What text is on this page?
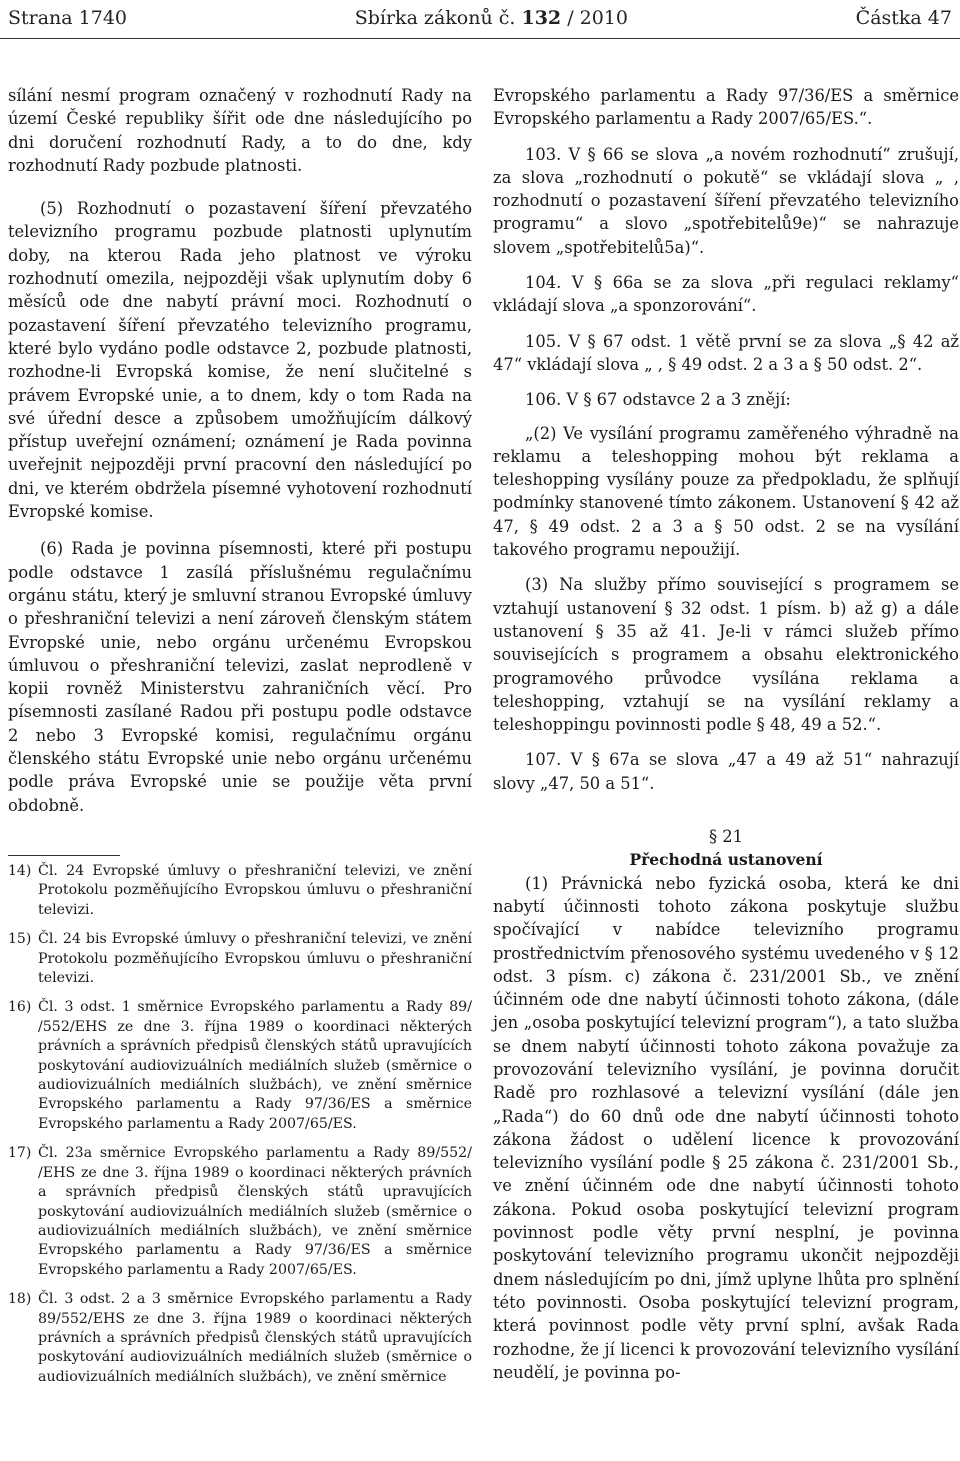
Strana 1740	Sbírka zákonů č. 132 / 2010	Částka 47

sílání nesmí program označený v rozhodnutí Rady na území České republiky šířit ode dne následujícího po dni doručení rozhodnutí Rady, a to do dne, kdy rozhodnutí Rady pozbude platnosti.

(5) Rozhodnutí o pozastavení šíření převzatého televizního programu pozbude platnosti uplynutím doby, na kterou Rada jeho platnost ve výroku rozhodnutí omezila, nejpozději však uplynutím doby 6 měsíců ode dne nabytí právní moci. Rozhodnutí o pozastavení šíření převzatého televizního programu, které bylo vydáno podle odstavce 2, pozbude platnosti, rozhodne-li Evropská komise, že není slučitelné s právem Evropské unie, a to dnem, kdy o tom Rada na své úřední desce a způsobem umožňujícím dálkový přístup uveřejní oznámení; oznámení je Rada povinna uveřejnit nejpozději první pracovní den následující po dni, ve kterém obdržela písemné vyhotovení rozhodnutí Evropské komise.

(6) Rada je povinna písemnosti, které při postupu podle odstavce 1 zasílá příslušnému regulačnímu orgánu státu, který je smluvní stranou Evropské úmluvy o přeshraniční televizi a není zároveň členským státem Evropské unie, nebo orgánu určenému Evropskou úmluvou o přeshraniční televizi, zaslat neprodleně v kopii rovněž Ministerstvu zahraničních věcí. Pro písemnosti zasílané Radou při postupu podle odstavce 2 nebo 3 Evropské komisi, regulačnímu orgánu členského státu Evropské unie nebo orgánu určenému podle práva Evropské unie se použije věta první obdobně.

14) Čl. 24 Evropské úmluvy o přeshraniční televizi, ve znění Protokolu pozměňujícího Evropskou úmluvu o přeshraniční televizi.
15) Čl. 24 bis Evropské úmluvy o přeshraniční televizi, ve znění Protokolu pozměňujícího Evropskou úmluvu o přeshraniční televizi.
16) Čl. 3 odst. 1 směrnice Evropského parlamentu a Rady 89/ /552/EHS ze dne 3. října 1989 o koordinaci některých právních a správních předpisů členských států upravujících poskytování audiovizuálních mediálních služeb (směrnice o audiovizuálních mediálních službách), ve znění směrnice Evropského parlamentu a Rady 97/36/ES a směrnice Evropského parlamentu a Rady 2007/65/ES.
17) Čl. 23a směrnice Evropského parlamentu a Rady 89/552/ /EHS ze dne 3. října 1989 o koordinaci některých právních a správních předpisů členských států upravujících poskytování audiovizuálních mediálních služeb (směrnice o audiovizuálních mediálních službách), ve znění směrnice Evropského parlamentu a Rady 97/36/ES a směrnice Evropského parlamentu a Rady 2007/65/ES.
18) Čl. 3 odst. 2 a 3 směrnice Evropského parlamentu a Rady 89/552/EHS ze dne 3. října 1989 o koordinaci některých právních a správních předpisů členských států upravujících poskytování audiovizuálních mediálních služeb (směrnice o audiovizuálních mediálních službách), ve znění směrnice

Evropského parlamentu a Rady 97/36/ES a směrnice Evropského parlamentu a Rady 2007/65/ES.“.

103. V § 66 se slova „a novém rozhodnutí“ zrušují, za slova „rozhodnutí o pokutě“ se vkládají slova „ , rozhodnutí o pozastavení šíření převzatého televizního programu“ a slovo „spotřebitelů9e)“ se nahrazuje slovem „spotřebitelů5a)“.

104. V § 66a se za slova „při regulaci reklamy“ vkládají slova „a sponzorování“.

105. V § 67 odst. 1 větě první se za slova „§ 42 až 47“ vkládají slova „ , § 49 odst. 2 a 3 a § 50 odst. 2“.

106. V § 67 odstavce 2 a 3 znějí:

„(2) Ve vysílání programu zaměřeného výhradně na reklamu a teleshopping mohou být reklama a teleshopping vysílány pouze za předpokladu, že splňují podmínky stanovené tímto zákonem. Ustanovení § 42 až 47, § 49 odst. 2 a 3 a § 50 odst. 2 se na vysílání takového programu nepoužijí.

(3) Na služby přímo související s programem se vztahují ustanovení § 32 odst. 1 písm. b) až g) a dále ustanovení § 35 až 41. Je-li v rámci služeb přímo souvisejících s programem a obsahu elektronického programového průvodce vysílána reklama a teleshopping, vztahují se na vysílání reklamy a teleshoppingu povinnosti podle § 48, 49 a 52.“.

107. V § 67a se slova „47 a 49 až 51“ nahrazují slovy „47, 50 a 51“.

§ 21

Přechodná ustanovení

(1) Právnická nebo fyzická osoba, která ke dni nabytí účinnosti tohoto zákona poskytuje službu spočívající v nabídce televizního programu prostřednictvím přenosového systému uvedeného v § 12 odst. 3 písm. c) zákona č. 231/2001 Sb., ve znění účinném ode dne nabytí účinnosti tohoto zákona, (dále jen „osoba poskytující televizní program“), a tato služba se dnem nabytí účinnosti tohoto zákona považuje za provozování televizního vysílání, je povinna doručit Radě pro rozhlasové a televizní vysílání (dále jen „Rada“) do 60 dnů ode dne nabytí účinnosti tohoto zákona žádost o udělení licence k provozování televizního vysílání podle § 25 zákona č. 231/2001 Sb., ve znění účinném ode dne nabytí účinnosti tohoto zákona. Pokud osoba poskytující televizní program povinnost podle věty první nesplní, je povinna poskytování televizního programu ukončit nejpozději dnem následujícím po dni, jímž uplyne lhůta pro splnění této povinnosti. Osoba poskytující televizní program, která povinnost podle věty první splní, avšak Rada rozhodne, že jí licenci k provozování televizního vysílání neudělí, je povinna po-
